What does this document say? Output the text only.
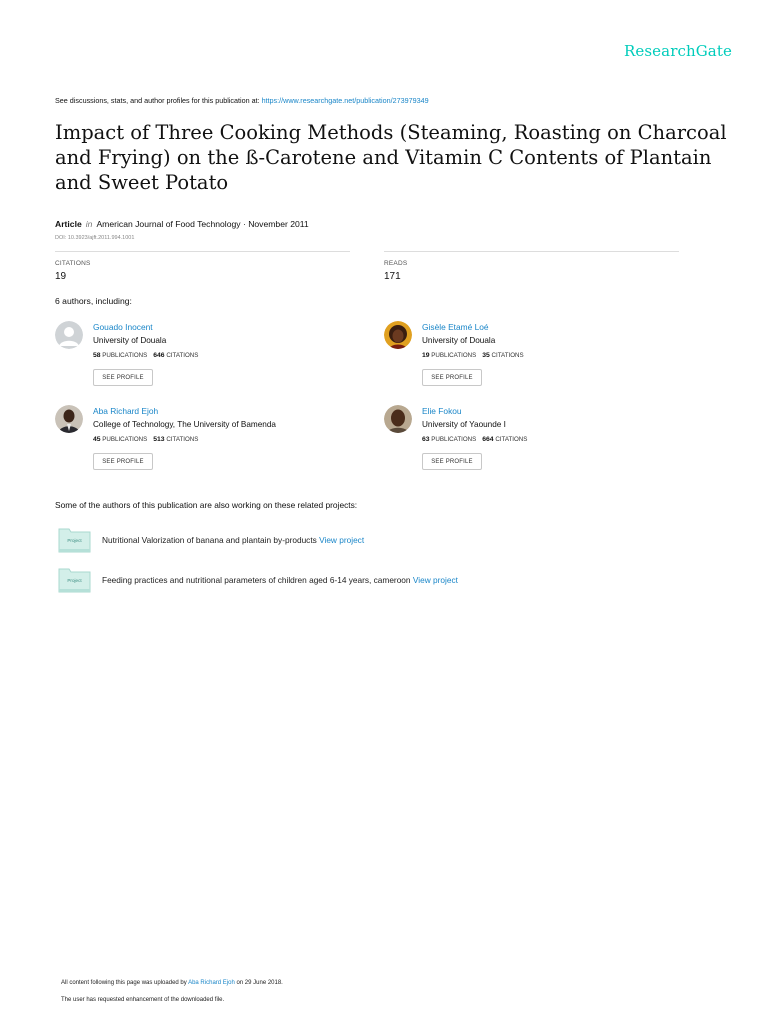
ResearchGate
See discussions, stats, and author profiles for this publication at: https://www.researchgate.net/publication/273979349
Impact of Three Cooking Methods (Steaming, Roasting on Charcoal and Frying) on the ß-Carotene and Vitamin C Contents of Plantain and Sweet Potato
Article in American Journal of Food Technology · November 2011
DOI: 10.3923/ajft.2011.994.1001
CITATIONS
19
READS
171
6 authors, including:
Gouado Inocent
University of Douala
58 PUBLICATIONS 646 CITATIONS
SEE PROFILE
Gisèle Etamé Loé
University of Douala
19 PUBLICATIONS 35 CITATIONS
SEE PROFILE
Aba Richard Ejoh
College of Technology, The University of Bamenda
45 PUBLICATIONS 513 CITATIONS
SEE PROFILE
Elie Fokou
University of Yaounde I
63 PUBLICATIONS 664 CITATIONS
SEE PROFILE
Some of the authors of this publication are also working on these related projects:
Project	Nutritional Valorization of banana and plantain by-products View project
Project	Feeding practices and nutritional parameters of children aged 6-14 years, cameroon View project
All content following this page was uploaded by Aba Richard Ejoh on 29 June 2018.
The user has requested enhancement of the downloaded file.
